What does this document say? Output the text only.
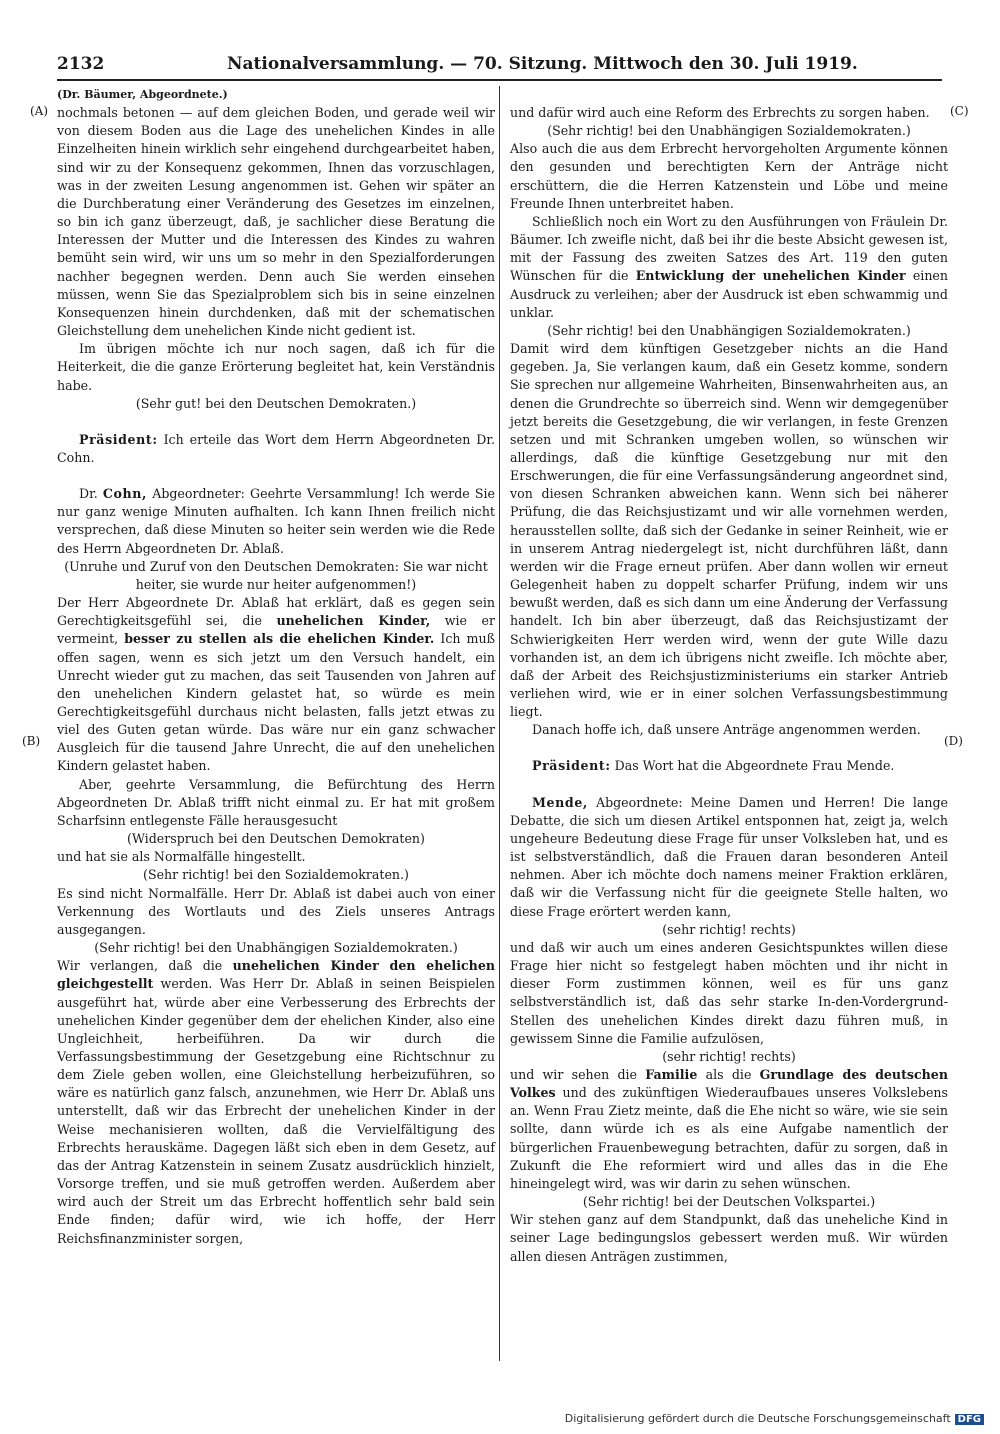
2132	Nationalversammlung. — 70. Sitzung. Mittwoch den 30. Juli 1919.
(A)
(B)
(C)
(D)

(Dr. Bäumer, Abgeordnete.)

nochmals betonen — auf dem gleichen Boden, und gerade weil wir von diesem Boden aus die Lage des unehelichen Kindes in alle Einzelheiten hinein wirklich sehr eingehend durchgearbeitet haben, sind wir zu der Konsequenz gekommen, Ihnen das vorzuschlagen, was in der zweiten Lesung angenommen ist. Gehen wir später an die Durchberatung einer Veränderung des Gesetzes im einzelnen, so bin ich ganz überzeugt, daß, je sachlicher diese Beratung die Interessen der Mutter und die Interessen des Kindes zu wahren bemüht sein wird, wir uns um so mehr in den Spezialforderungen nachher begegnen werden. Denn auch Sie werden einsehen müssen, wenn Sie das Spezialproblem sich bis in seine einzelnen Konsequenzen hinein durchdenken, daß mit der schematischen Gleichstellung dem unehelichen Kinde nicht gedient ist.

Im übrigen möchte ich nur noch sagen, daß ich für die Heiterkeit, die die ganze Erörterung begleitet hat, kein Verständnis habe.

(Sehr gut! bei den Deutschen Demokraten.)

Präsident: Ich erteile das Wort dem Herrn Abgeordneten Dr. Cohn.

Dr. Cohn, Abgeordneter: Geehrte Versammlung! Ich werde Sie nur ganz wenige Minuten aufhalten. Ich kann Ihnen freilich nicht versprechen, daß diese Minuten so heiter sein werden wie die Rede des Herrn Abgeordneten Dr. Ablaß.

(Unruhe und Zuruf von den Deutschen Demokraten: Sie war nicht heiter, sie wurde nur heiter aufgenommen!)

Der Herr Abgeordnete Dr. Ablaß hat erklärt, daß es gegen sein Gerechtigkeitsgefühl sei, die unehelichen Kinder, wie er vermeint, besser zu stellen als die ehelichen Kinder. Ich muß offen sagen, wenn es sich jetzt um den Versuch handelt, ein Unrecht wieder gut zu machen, das seit Tausenden von Jahren auf den unehelichen Kindern gelastet hat, so würde es mein Gerechtigkeitsgefühl durchaus nicht belasten, falls jetzt etwas zu viel des Guten getan würde. Das wäre nur ein ganz schwacher Ausgleich für die tausend Jahre Unrecht, die auf den unehelichen Kindern gelastet haben.

Aber, geehrte Versammlung, die Befürchtung des Herrn Abgeordneten Dr. Ablaß trifft nicht einmal zu. Er hat mit großem Scharfsinn entlegenste Fälle herausgesucht

(Widerspruch bei den Deutschen Demokraten)

und hat sie als Normalfälle hingestellt.

(Sehr richtig! bei den Sozialdemokraten.)

Es sind nicht Normalfälle. Herr Dr. Ablaß ist dabei auch von einer Verkennung des Wortlauts und des Ziels unseres Antrags ausgegangen.

(Sehr richtig! bei den Unabhängigen Sozialdemokraten.)

Wir verlangen, daß die unehelichen Kinder den ehelichen gleichgestellt werden. Was Herr Dr. Ablaß in seinen Beispielen ausgeführt hat, würde aber eine Verbesserung des Erbrechts der unehelichen Kinder gegenüber dem der ehelichen Kinder, also eine Ungleichheit, herbeiführen. Da wir durch die Verfassungsbestimmung der Gesetzgebung eine Richtschnur zu dem Ziele geben wollen, eine Gleichstellung herbeizuführen, so wäre es natürlich ganz falsch, anzunehmen, wie Herr Dr. Ablaß uns unterstellt, daß wir das Erbrecht der unehelichen Kinder in der Weise mechanisieren wollten, daß die Vervielfältigung des Erbrechts herauskäme. Dagegen läßt sich eben in dem Gesetz, auf das der Antrag Katzenstein in seinem Zusatz ausdrücklich hinzielt, Vorsorge treffen, und sie muß getroffen werden. Außerdem aber wird auch der Streit um das Erbrecht hoffentlich sehr bald sein Ende finden; dafür wird, wie ich hoffe, der Herr Reichsfinanzminister sorgen,

und dafür wird auch eine Reform des Erbrechts zu sorgen haben.

(Sehr richtig! bei den Unabhängigen Sozialdemokraten.)

Also auch die aus dem Erbrecht hervorgeholten Argumente können den gesunden und berechtigten Kern der Anträge nicht erschüttern, die die Herren Katzenstein und Löbe und meine Freunde Ihnen unterbreitet haben.

Schließlich noch ein Wort zu den Ausführungen von Fräulein Dr. Bäumer. Ich zweifle nicht, daß bei ihr die beste Absicht gewesen ist, mit der Fassung des zweiten Satzes des Art. 119 den guten Wünschen für die Entwicklung der unehelichen Kinder einen Ausdruck zu verleihen; aber der Ausdruck ist eben schwammig und unklar.

(Sehr richtig! bei den Unabhängigen Sozialdemokraten.)

Damit wird dem künftigen Gesetzgeber nichts an die Hand gegeben. Ja, Sie verlangen kaum, daß ein Gesetz komme, sondern Sie sprechen nur allgemeine Wahrheiten, Binsenwahrheiten aus, an denen die Grundrechte so überreich sind. Wenn wir demgegenüber jetzt bereits die Gesetzgebung, die wir verlangen, in feste Grenzen setzen und mit Schranken umgeben wollen, so wünschen wir allerdings, daß die künftige Gesetzgebung nur mit den Erschwerungen, die für eine Verfassungsänderung angeordnet sind, von diesen Schranken abweichen kann. Wenn sich bei näherer Prüfung, die das Reichsjustizamt und wir alle vornehmen werden, herausstellen sollte, daß sich der Gedanke in seiner Reinheit, wie er in unserem Antrag niedergelegt ist, nicht durchführen läßt, dann werden wir die Frage erneut prüfen. Aber dann wollen wir erneut Gelegenheit haben zu doppelt scharfer Prüfung, indem wir uns bewußt werden, daß es sich dann um eine Änderung der Verfassung handelt. Ich bin aber überzeugt, daß das Reichsjustizamt der Schwierigkeiten Herr werden wird, wenn der gute Wille dazu vorhanden ist, an dem ich übrigens nicht zweifle. Ich möchte aber, daß der Arbeit des Reichsjustizministeriums ein starker Antrieb verliehen wird, wie er in einer solchen Verfassungsbestimmung liegt.

Danach hoffe ich, daß unsere Anträge angenommen werden.

Präsident: Das Wort hat die Abgeordnete Frau Mende.

Mende, Abgeordnete: Meine Damen und Herren! Die lange Debatte, die sich um diesen Artikel entsponnen hat, zeigt ja, welch ungeheure Bedeutung diese Frage für unser Volksleben hat, und es ist selbstverständlich, daß die Frauen daran besonderen Anteil nehmen. Aber ich möchte doch namens meiner Fraktion erklären, daß wir die Verfassung nicht für die geeignete Stelle halten, wo diese Frage erörtert werden kann,

(sehr richtig! rechts)

und daß wir auch um eines anderen Gesichtspunktes willen diese Frage hier nicht so festgelegt haben möchten und ihr nicht in dieser Form zustimmen können, weil es für uns ganz selbstverständlich ist, daß das sehr starke In-den-Vordergrund-Stellen des unehelichen Kindes direkt dazu führen muß, in gewissem Sinne die Familie aufzulösen,

(sehr richtig! rechts)

und wir sehen die Familie als die Grundlage des deutschen Volkes und des zukünftigen Wiederaufbaues unseres Volkslebens an. Wenn Frau Zietz meinte, daß die Ehe nicht so wäre, wie sie sein sollte, dann würde ich es als eine Aufgabe namentlich der bürgerlichen Frauenbewegung betrachten, dafür zu sorgen, daß in Zukunft die Ehe reformiert wird und alles das in die Ehe hineingelegt wird, was wir darin zu sehen wünschen.

(Sehr richtig! bei der Deutschen Volkspartei.)

Wir stehen ganz auf dem Standpunkt, daß das uneheliche Kind in seiner Lage bedingungslos gebessert werden muß. Wir würden allen diesen Anträgen zustimmen,

Digitalisierung gefördert durch die Deutsche Forschungsgemeinschaft DFG
